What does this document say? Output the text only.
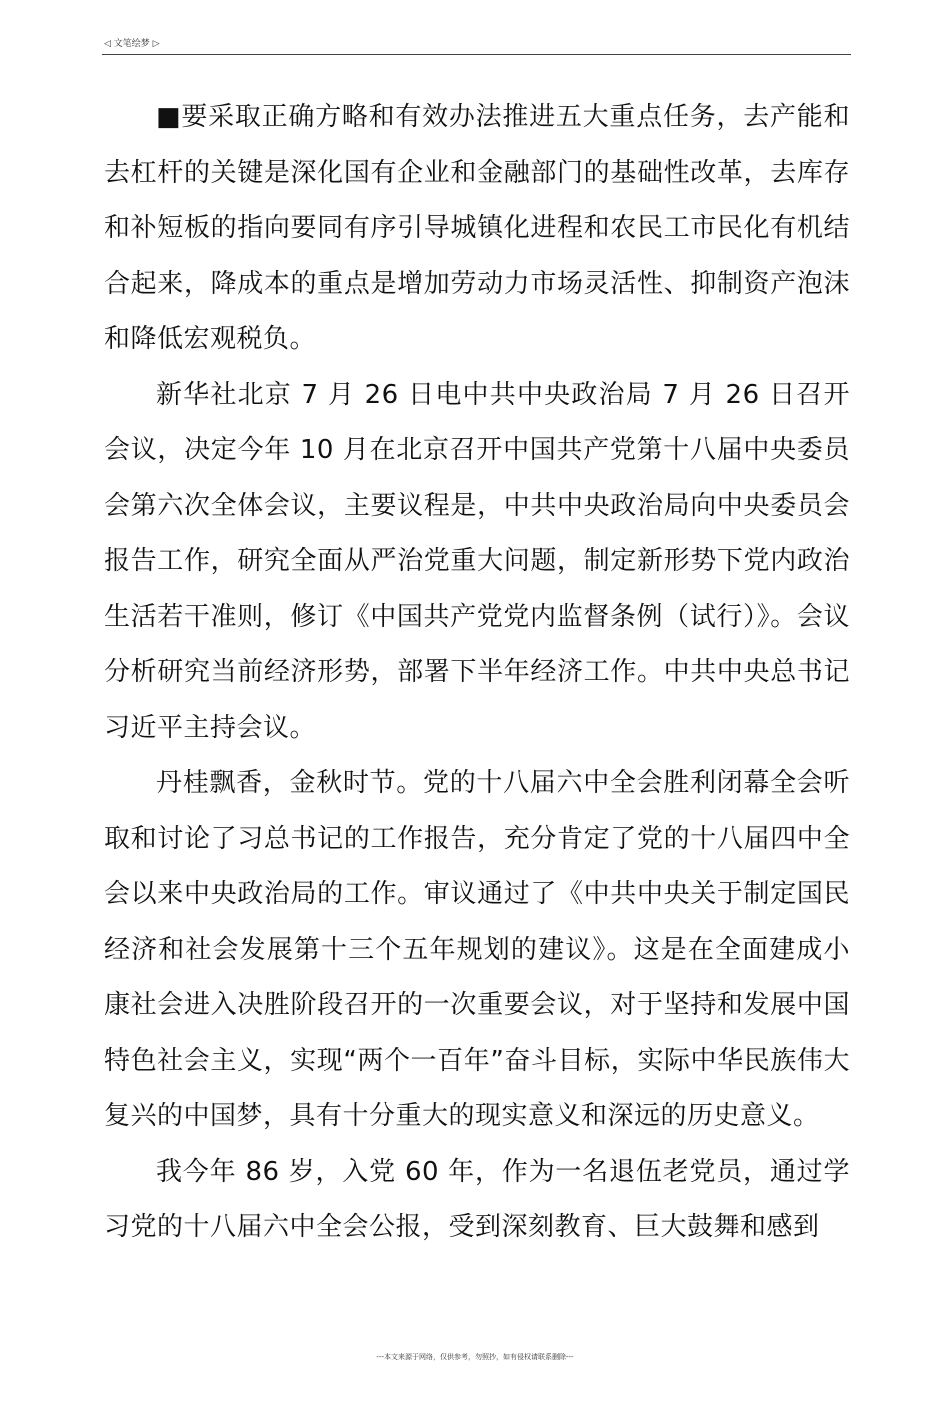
◁ 文笔绘梦 ▷

■要采取正确方略和有效办法推进五大重点任务，去产能和去杠杆的关键是深化国有企业和金融部门的基础性改革，去库存和补短板的指向要同有序引导城镇化进程和农民工市民化有机结合起来，降成本的重点是增加劳动力市场灵活性、抑制资产泡沫和降低宏观税负。

新华社北京 7 月 26 日电中共中央政治局 7 月 26 日召开会议，决定今年 10 月在北京召开中国共产党第十八届中央委员会第六次全体会议，主要议程是，中共中央政治局向中央委员会报告工作，研究全面从严治党重大问题，制定新形势下党内政治生活若干准则，修订《中国共产党党内监督条例（试行）》。会议分析研究当前经济形势，部署下半年经济工作。中共中央总书记习近平主持会议。

丹桂飘香，金秋时节。党的十八届六中全会胜利闭幕全会听取和讨论了习总书记的工作报告，充分肯定了党的十八届四中全会以来中央政治局的工作。审议通过了《中共中央关于制定国民经济和社会发展第十三个五年规划的建议》。这是在全面建成小康社会进入决胜阶段召开的一次重要会议，对于坚持和发展中国特色社会主义，实现“两个一百年”奋斗目标，实际中华民族伟大复兴的中国梦，具有十分重大的现实意义和深远的历史意义。

我今年 86 岁，入党 60 年，作为一名退伍老党员，通过学习党的十八届六中全会公报，受到深刻教育、巨大鼓舞和感到

---本文来源于网络，仅供参考，勿照抄，如有侵权请联系删除---
